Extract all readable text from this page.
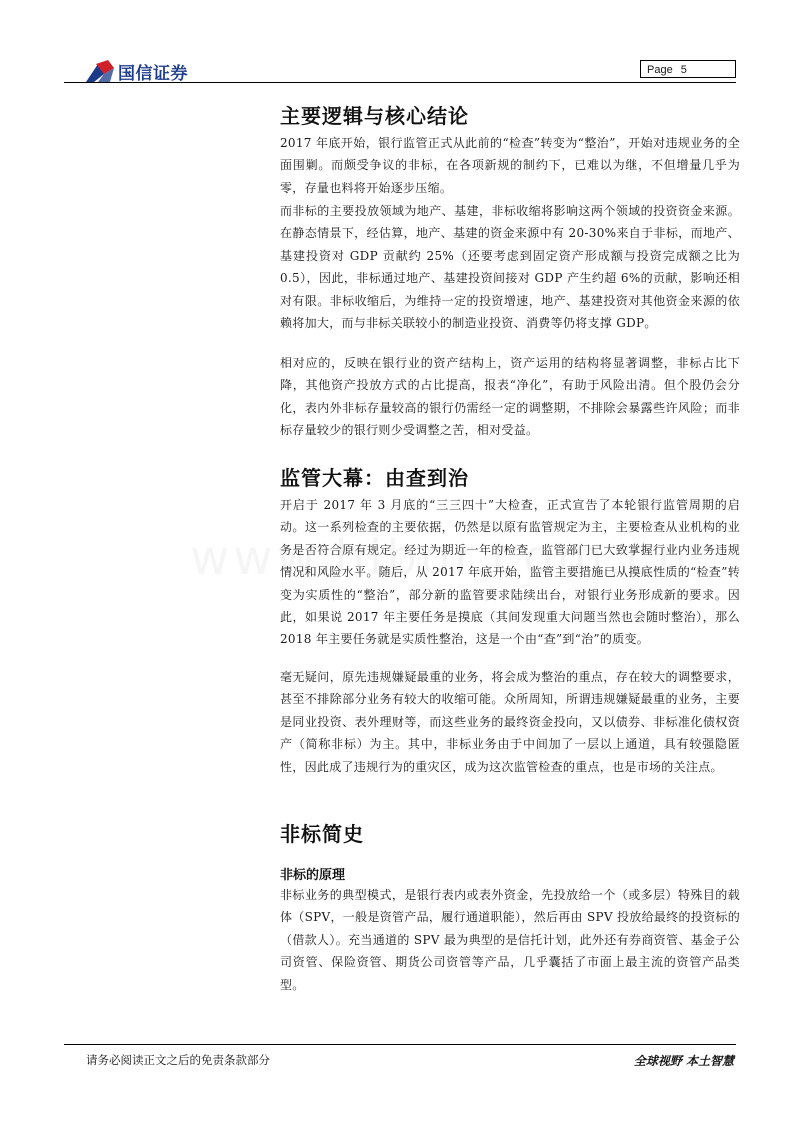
国信证券	Page 5
主要逻辑与核心结论

2017 年底开始，银行监管正式从此前的“检查”转变为“整治”，开始对违规业务的全面围剿。而颇受争议的非标，在各项新规的制约下，已难以为继，不但增量几乎为零，存量也料将开始逐步压缩。

而非标的主要投放领域为地产、基建，非标收缩将影响这两个领域的投资资金来源。在静态情景下，经估算，地产、基建的资金来源中有 20-30%来自于非标，而地产、基建投资对 GDP 贡献约 25%（还要考虑到固定资产形成额与投资完成额之比为 0.5），因此，非标通过地产、基建投资间接对 GDP 产生约超 6%的贡献，影响还相对有限。非标收缩后，为维持一定的投资增速，地产、基建投资对其他资金来源的依赖将加大，而与非标关联较小的制造业投资、消费等仍将支撑 GDP。

相对应的，反映在银行业的资产结构上，资产运用的结构将显著调整，非标占比下降，其他资产投放方式的占比提高，报表“净化”，有助于风险出清。但个股仍会分化，表内外非标存量较高的银行仍需经一定的调整期，不排除会暴露些许风险；而非标存量较少的银行则少受调整之苦，相对受益。

监管大幕：由查到治

开启于 2017 年 3 月底的“三三四十”大检查，正式宣告了本轮银行监管周期的启动。这一系列检查的主要依据，仍然是以原有监管规定为主，主要检查从业机构的业务是否符合原有规定。经过为期近一年的检查，监管部门已大致掌握行业内业务违规情况和风险水平。随后，从 2017 年底开始，监管主要措施已从摸底性质的“检查”转变为实质性的“整治”，部分新的监管要求陆续出台，对银行业务形成新的要求。因此，如果说 2017 年主要任务是摸底（其间发现重大问题当然也会随时整治），那么 2018 年主要任务就是实质性整治，这是一个由“查”到“治”的质变。

毫无疑问，原先违规嫌疑最重的业务，将会成为整治的重点，存在较大的调整要求，甚至不排除部分业务有较大的收缩可能。众所周知，所谓违规嫌疑最重的业务，主要是同业投资、表外理财等，而这些业务的最终资金投向，又以债券、非标准化债权资产（简称非标）为主。其中，非标业务由于中间加了一层以上通道，具有较强隐匿性，因此成了违规行为的重灾区，成为这次监管检查的重点，也是市场的关注点。

非标简史
非标的原理

非标业务的典型模式，是银行表内或表外资金，先投放给一个（或多层）特殊目的载体（SPV，一般是资管产品，履行通道职能），然后再由 SPV 投放给最终的投资标的（借款人）。充当通道的 SPV 最为典型的是信托计划，此外还有券商资管、基金子公司资管、保险资管、期货公司资管等产品，几乎囊括了市面上最主流的资管产品类型。

请务必阅读正文之后的免责条款部分	全球视野 本土智慧
